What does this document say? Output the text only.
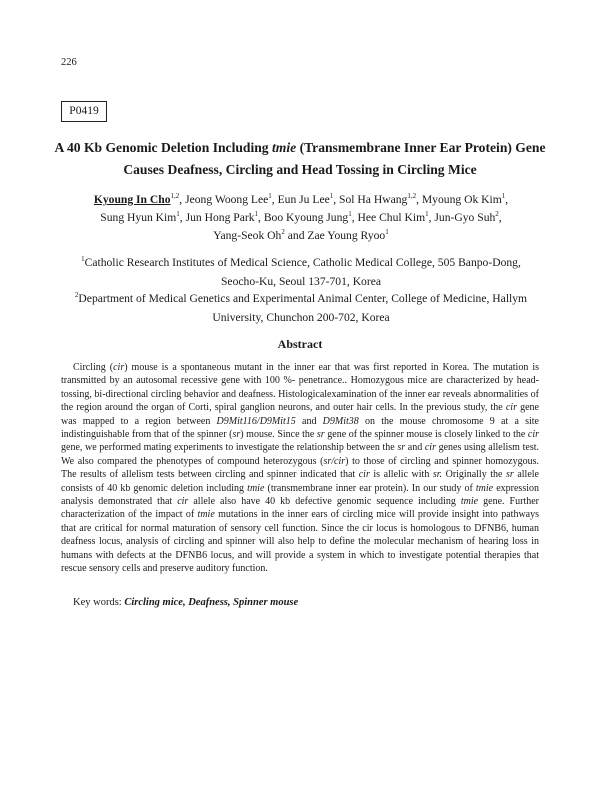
226
P0419
A 40 Kb Genomic Deletion Including tmie (Transmembrane Inner Ear Protein) Gene
Causes Deafness, Circling and Head Tossing in Circling Mice
Kyoung In Cho$^{1,2}$, Jeong Woong Lee$^1$, Eun Ju Lee$^1$, Sol Ha Hwang$^{1,2}$, Myoung Ok Kim$^1$,
Sung Hyun Kim$^1$, Jun Hong Park$^1$, Boo Kyoung Jung$^1$, Hee Chul Kim$^1$, Jun-Gyo Suh$^2$,
Yang-Seok Oh$^2$ and Zae Young Ryoo$^1$
$^1$Catholic Research Institutes of Medical Science, Catholic Medical College, 505 Banpo-Dong,
Seocho-Ku, Seoul 137-701, Korea
$^2$Department of Medical Genetics and Experimental Animal Center, College of Medicine, Hallym
University, Chunchon 200-702, Korea
Abstract

Circling (cir) mouse is a spontaneous mutant in the inner ear that was first reported in Korea. The mutation is transmitted by an autosomal recessive gene with 100 %- penetrance.. Homozygous mice are characterized by head-tossing, bi-directional circling behavior and deafness. Histologicalexamination of the inner ear reveals abnormalities of the region around the organ of Corti, spiral ganglion neurons, and outer hair cells. In the previous study, the cir gene was mapped to a region between D9Mit116/D9Mit15 and D9Mit38 on the mouse chromosome 9 at a site indistinguishable from that of the spinner (sr) mouse. Since the sr gene of the spinner mouse is closely linked to the cir gene, we performed mating experiments to investigate the relationship between the sr and cir genes using allelism test. We also compared the phenotypes of compound heterozygous (sr/cir) to those of circling and spinner homozygous. The results of allelism tests between circling and spinner indicated that cir is allelic with sr. Originally the sr allele consists of 40 kb genomic deletion including tmie (transmembrane inner ear protein). In our study of tmie expression analysis demonstrated that cir allele also have 40 kb defective genomic sequence including tmie gene. Further characterization of the impact of tmie mutations in the inner ears of circling mice will provide insight into pathways that are critical for normal maturation of sensory cell function. Since the cir locus is homologous to DFNB6, human deafness locus, analysis of circling and spinner will also help to define the molecular mechanism of hearing loss in humans with defects at the DFNB6 locus, and will provide a system in which to investigate potential therapies that rescue sensory cells and preserve auditory function.

Key words: Circling mice, Deafness, Spinner mouse
